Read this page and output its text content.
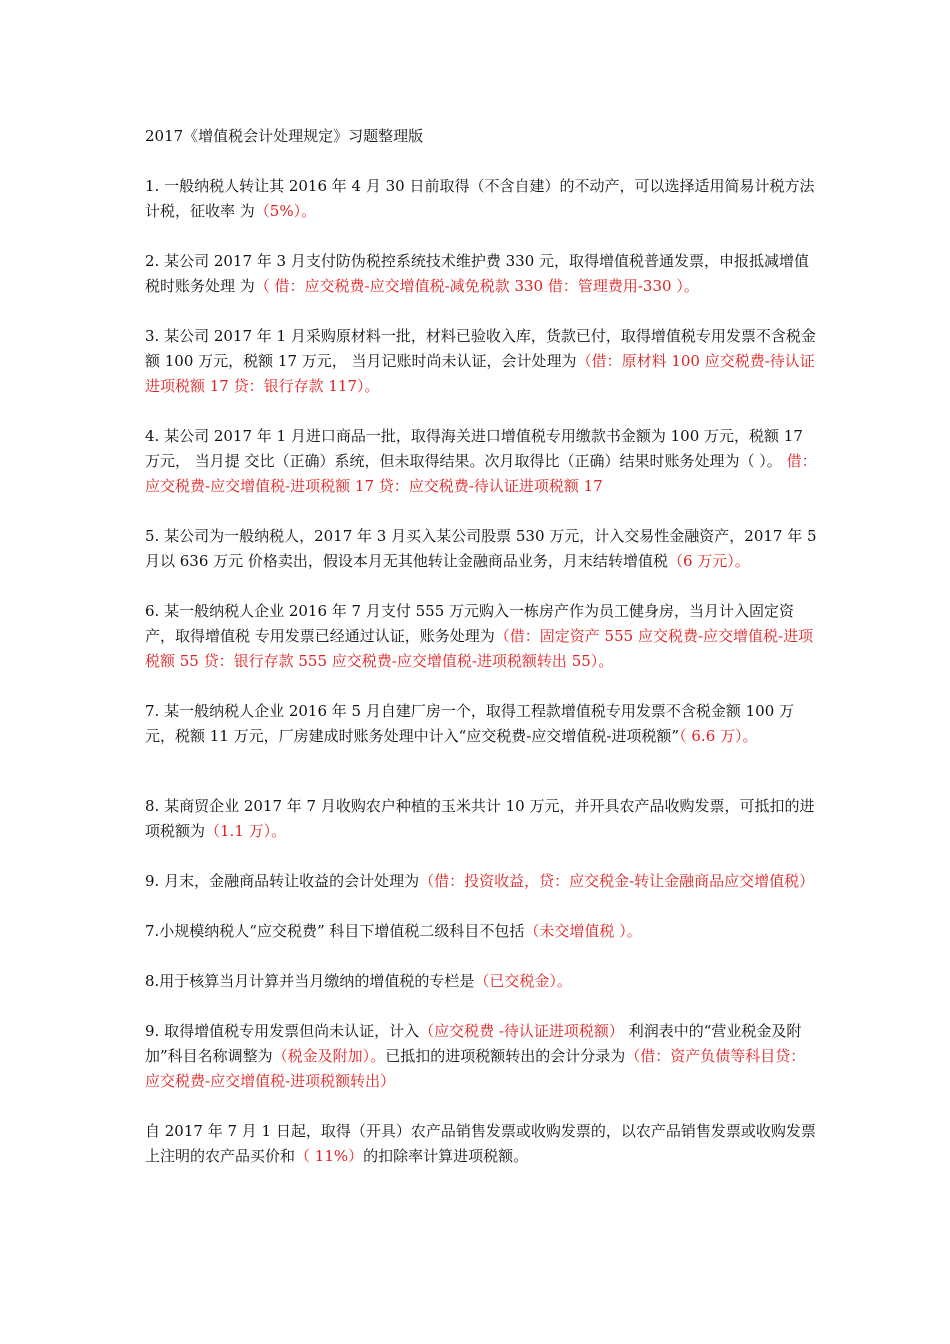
2017《增值税会计处理规定》习题整理版
1. 一般纳税人转让其 2016 年 4 月 30 日前取得（不含自建）的不动产，可以选择适用简易计税方法计税，征收率 为（5%）。
2. 某公司 2017 年 3 月支付防伪税控系统技术维护费 330 元，取得增值税普通发票，申报抵减增值税时账务处理 为（ 借：应交税费-应交增值税-减免税款 330 借：管理费用-330 ）。
3. 某公司 2017 年 1 月采购原材料一批，材料已验收入库，货款已付，取得增值税专用发票不含税金额 100 万元，税额 17 万元， 当月记账时尚未认证，会计处理为（借：原材料 100 应交税费-待认证进项税额 17 贷：银行存款 117）。
4. 某公司 2017 年 1 月进口商品一批，取得海关进口增值税专用缴款书金额为 100 万元，税额 17 万元， 当月提 交比（正确）系统，但未取得结果。次月取得比（正确）结果时账务处理为（ ）。 借：应交税费-应交增值税-进项税额 17 贷：应交税费-待认证进项税额 17
5. 某公司为一般纳税人，2017 年 3 月买入某公司股票 530 万元，计入交易性金融资产，2017 年 5 月以 636 万元 价格卖出，假设本月无其他转让金融商品业务，月末结转增值税（6 万元）。
6. 某一般纳税人企业 2016 年 7 月支付 555 万元购入一栋房产作为员工健身房，当月计入固定资产，取得增值税 专用发票已经通过认证，账务处理为（借：固定资产 555 应交税费-应交增值税-进项税额 55 贷：银行存款 555 应交税费-应交增值税-进项税额转出 55）。
7. 某一般纳税人企业 2016 年 5 月自建厂房一个，取得工程款增值税专用发票不含税金额 100 万元，税额 11 万元，厂房建成时账务处理中计入“应交税费-应交增值税-进项税额”（ 6.6 万）。
8. 某商贸企业 2017 年 7 月收购农户种植的玉米共计 10 万元，并开具农产品收购发票，可抵扣的进项税额为（1.1 万）。
9. 月末，金融商品转让收益的会计处理为（借：投资收益，贷：应交税金-转让金融商品应交增值税）
7.小规模纳税人“应交税费” 科目下增值税二级科目不包括（未交增值税 ）。
8.用于核算当月计算并当月缴纳的增值税的专栏是（已交税金）。
9. 取得增值税专用发票但尚未认证，计入（应交税费 -待认证进项税额） 利润表中的“营业税金及附加”科目名称调整为（税金及附加）。已抵扣的进项税额转出的会计分录为（借：资产负债等科目贷：应交税费-应交增值税-进项税额转出）
自 2017 年 7 月 1 日起，取得（开具）农产品销售发票或收购发票的，以农产品销售发票或收购发票上注明的农产品买价和（ 11%）的扣除率计算进项税额。
